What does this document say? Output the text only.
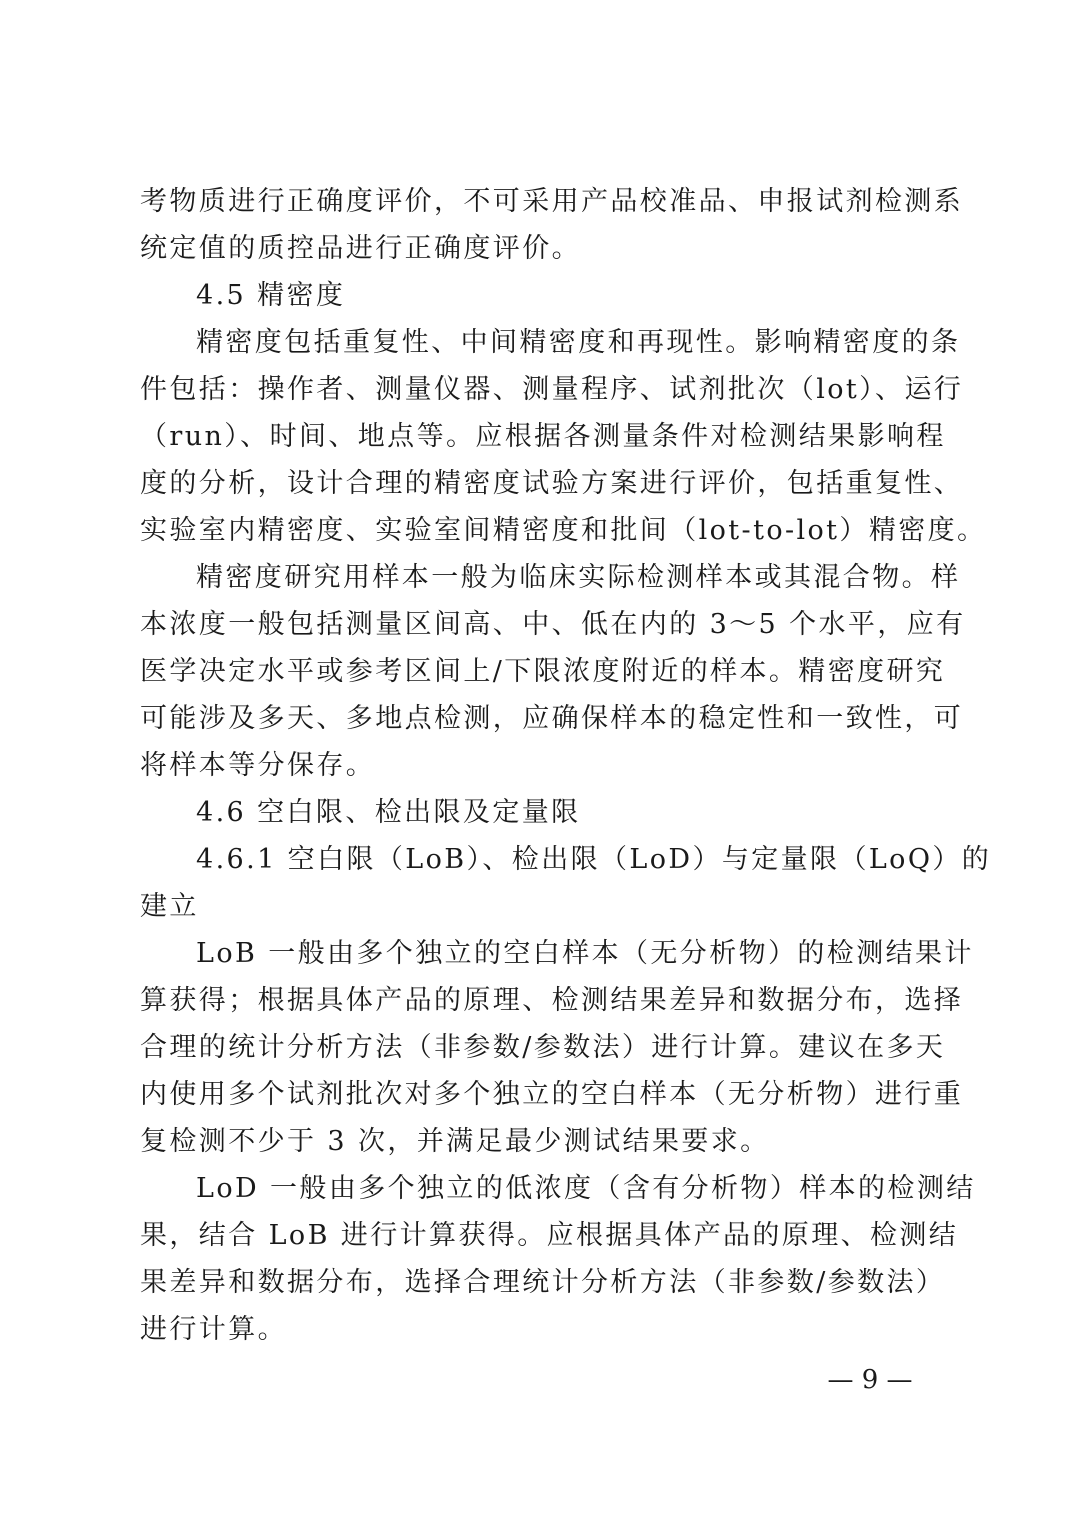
考物质进行正确度评价，不可采用产品校准品、申报试剂检测系
统定值的质控品进行正确度评价。
4.5 精密度
精密度包括重复性、中间精密度和再现性。影响精密度的条
件包括：操作者、测量仪器、测量程序、试剂批次（lot）、运行
（run）、时间、地点等。应根据各测量条件对检测结果影响程
度的分析，设计合理的精密度试验方案进行评价，包括重复性、
实验室内精密度、实验室间精密度和批间（lot-to-lot）精密度。
精密度研究用样本一般为临床实际检测样本或其混合物。样
本浓度一般包括测量区间高、中、低在内的 3～5 个水平，应有
医学决定水平或参考区间上/下限浓度附近的样本。精密度研究
可能涉及多天、多地点检测，应确保样本的稳定性和一致性，可
将样本等分保存。
4.6 空白限、检出限及定量限
4.6.1 空白限（LoB）、检出限（LoD）与定量限（LoQ）的
建立
LoB 一般由多个独立的空白样本（无分析物）的检测结果计
算获得；根据具体产品的原理、检测结果差异和数据分布，选择
合理的统计分析方法（非参数/参数法）进行计算。建议在多天
内使用多个试剂批次对多个独立的空白样本（无分析物）进行重
复检测不少于 3 次，并满足最少测试结果要求。
LoD 一般由多个独立的低浓度（含有分析物）样本的检测结
果，结合 LoB 进行计算获得。应根据具体产品的原理、检测结
果差异和数据分布，选择合理统计分析方法（非参数/参数法）
进行计算。
— 9 —
